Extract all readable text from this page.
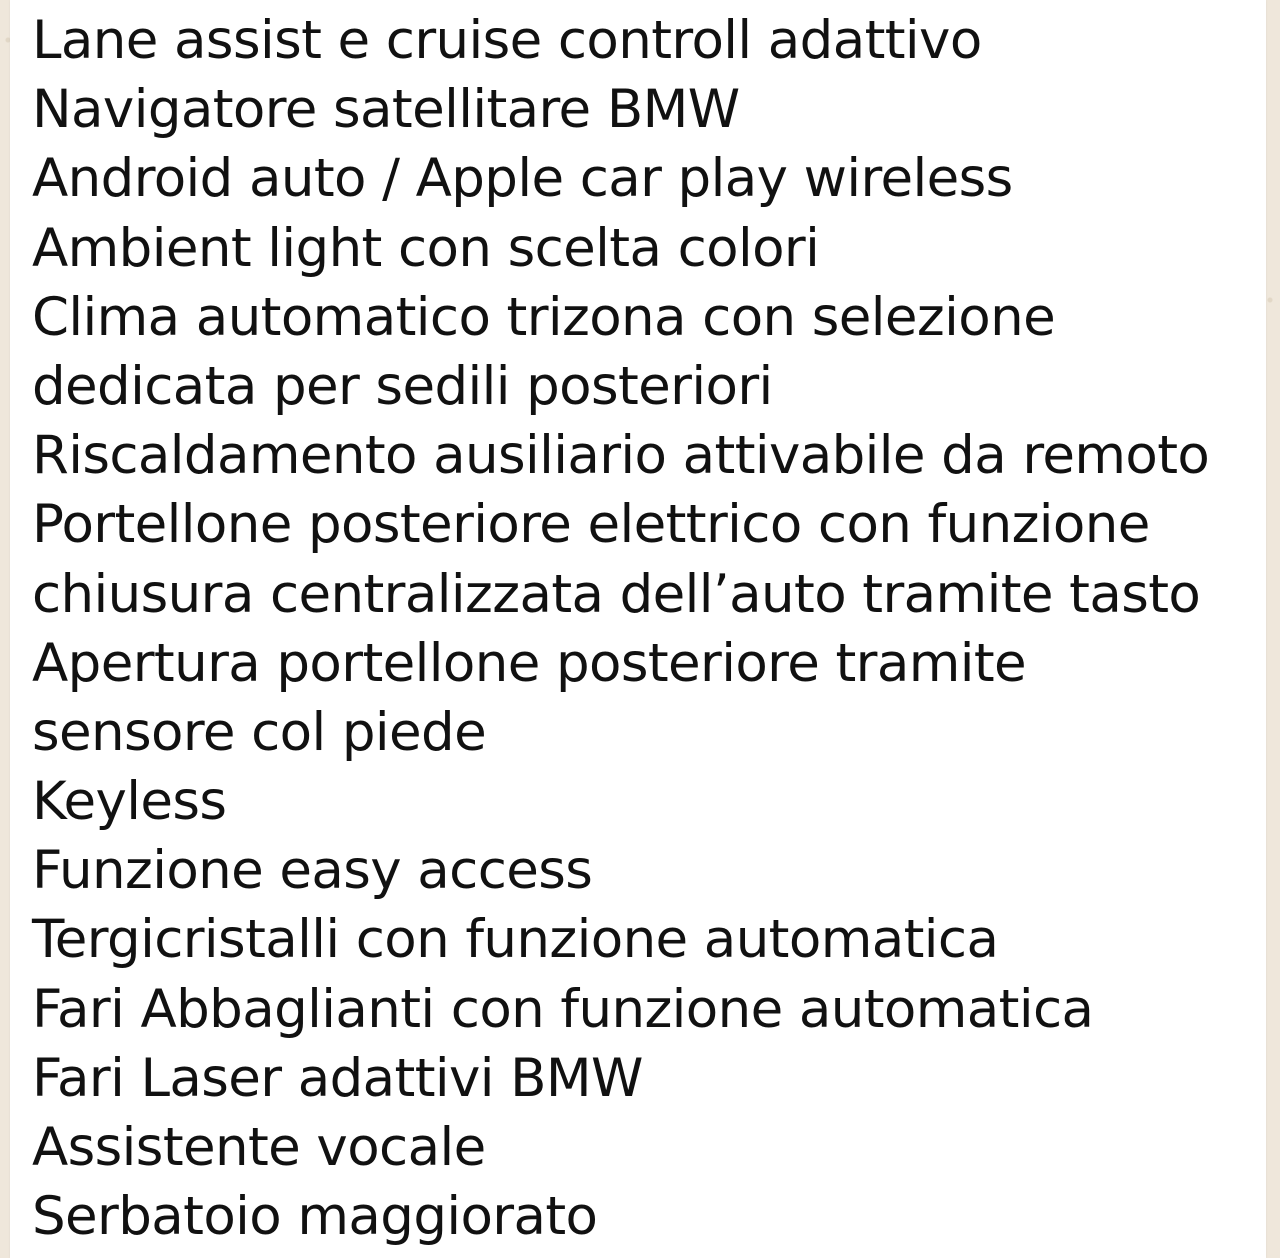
Lane assist e cruise controll adattivo
Navigatore satellitare BMW
Android auto / Apple car play wireless
Ambient light con scelta colori
Clima automatico trizona con selezione
dedicata per sedili posteriori
Riscaldamento ausiliario attivabile da remoto
Portellone posteriore elettrico con funzione
chiusura centralizzata dell’auto tramite tasto
Apertura portellone posteriore tramite
sensore col piede
Keyless
Funzione easy access
Tergicristalli con funzione automatica
Fari Abbaglianti con funzione automatica
Fari Laser adattivi BMW
Assistente vocale
Serbatoio maggiorato
